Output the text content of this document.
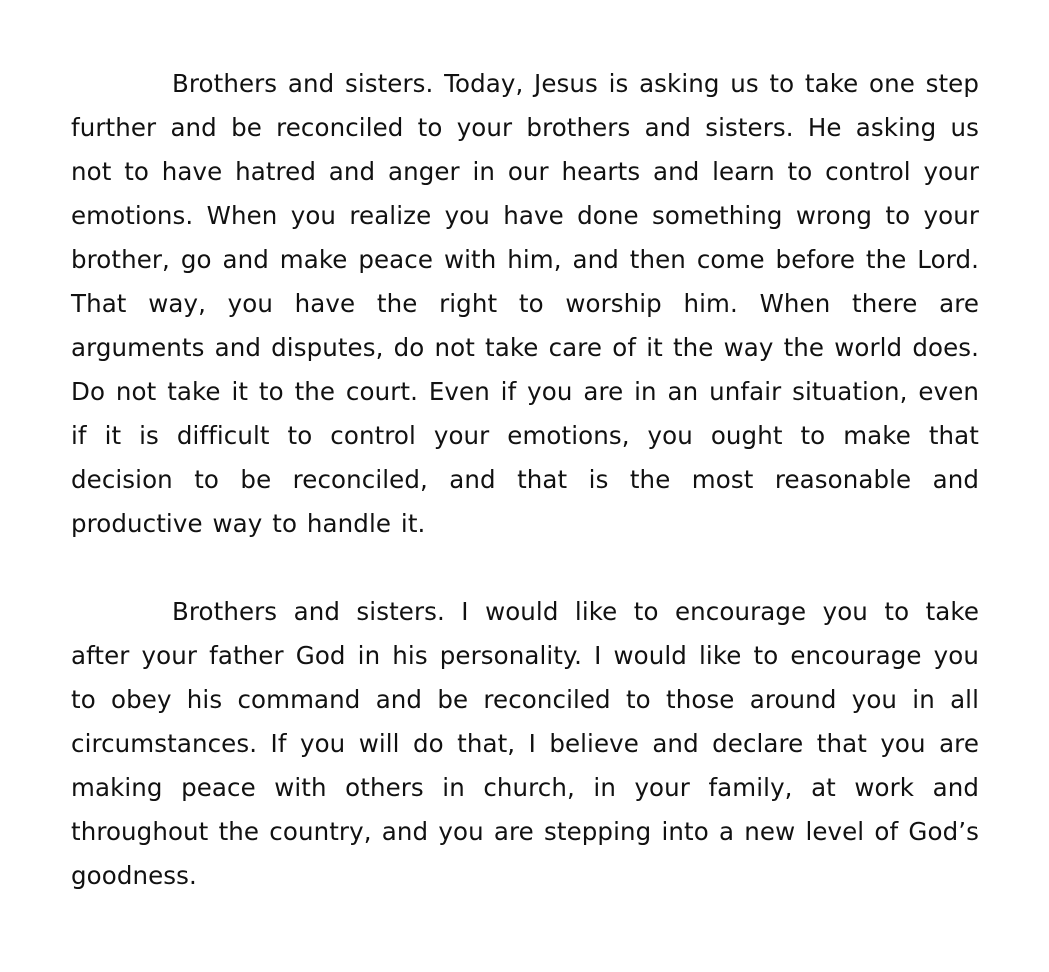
Brothers and sisters. Today, Jesus is asking us to take one step further and be reconciled to your brothers and sisters. He asking us not to have hatred and anger in our hearts and learn to control your emotions. When you realize you have done something wrong to your brother, go and make peace with him, and then come before the Lord. That way, you have the right to worship him. When there are arguments and disputes, do not take care of it the way the world does. Do not take it to the court. Even if you are in an unfair situation, even if it is difficult to control your emotions, you ought to make that decision to be reconciled, and that is the most reasonable and productive way to handle it.

Brothers and sisters. I would like to encourage you to take after your father God in his personality. I would like to encourage you to obey his command and be reconciled to those around you in all circumstances. If you will do that, I believe and declare that you are making peace with others in church, in your family, at work and throughout the country, and you are stepping into a new level of God’s goodness.
